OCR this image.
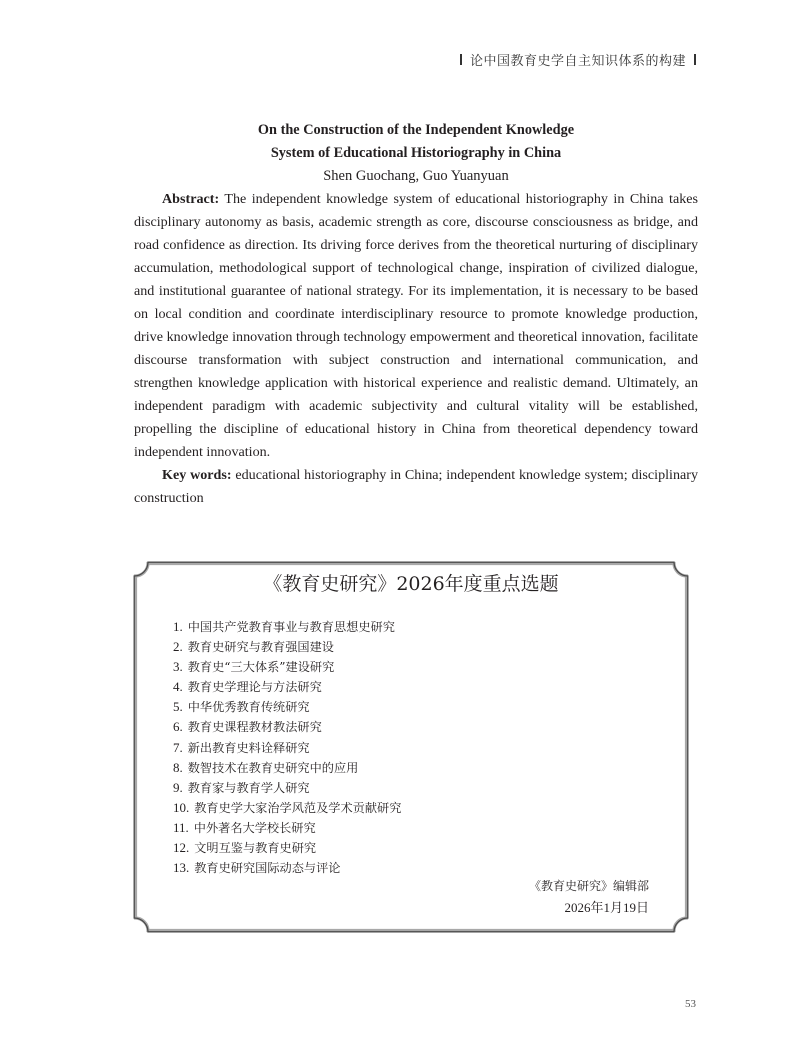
论中国教育史学自主知识体系的构建
On the Construction of the Independent Knowledge
System of Educational Historiography in China
Shen Guochang, Guo Yuanyuan

Abstract: The independent knowledge system of educational historiography in China takes disciplinary autonomy as basis, academic strength as core, discourse consciousness as bridge, and road confidence as direction. Its driving force derives from the theoretical nurturing of disciplinary accumulation, methodological support of technological change, inspiration of civilized dialogue, and institutional guarantee of national strategy. For its implementation, it is necessary to be based on local condition and coordinate interdisciplinary resource to promote knowledge production, drive knowledge innovation through technology empowerment and theoretical innovation, facilitate discourse transformation with subject construction and international communication, and strengthen knowledge application with historical experience and realistic demand. Ultimately, an independent paradigm with academic subjectivity and cultural vitality will be established, propelling the discipline of educational history in China from theoretical dependency toward independent innovation.

Key words: educational historiography in China; independent knowledge system; disciplinary construction

《教育史研究》2026年度重点选题
1. 中国共产党教育事业与教育思想史研究
2. 教育史研究与教育强国建设
3. 教育史“三大体系”建设研究
4. 教育史学理论与方法研究
5. 中华优秀教育传统研究
6. 教育史课程教材教法研究
7. 新出教育史料诠释研究
8. 数智技术在教育史研究中的应用
9. 教育家与教育学人研究
10. 教育史学大家治学风范及学术贡献研究
11. 中外著名大学校长研究
12. 文明互鉴与教育史研究
13. 教育史研究国际动态与评论
《教育史研究》编辑部
2026年1月19日
53
